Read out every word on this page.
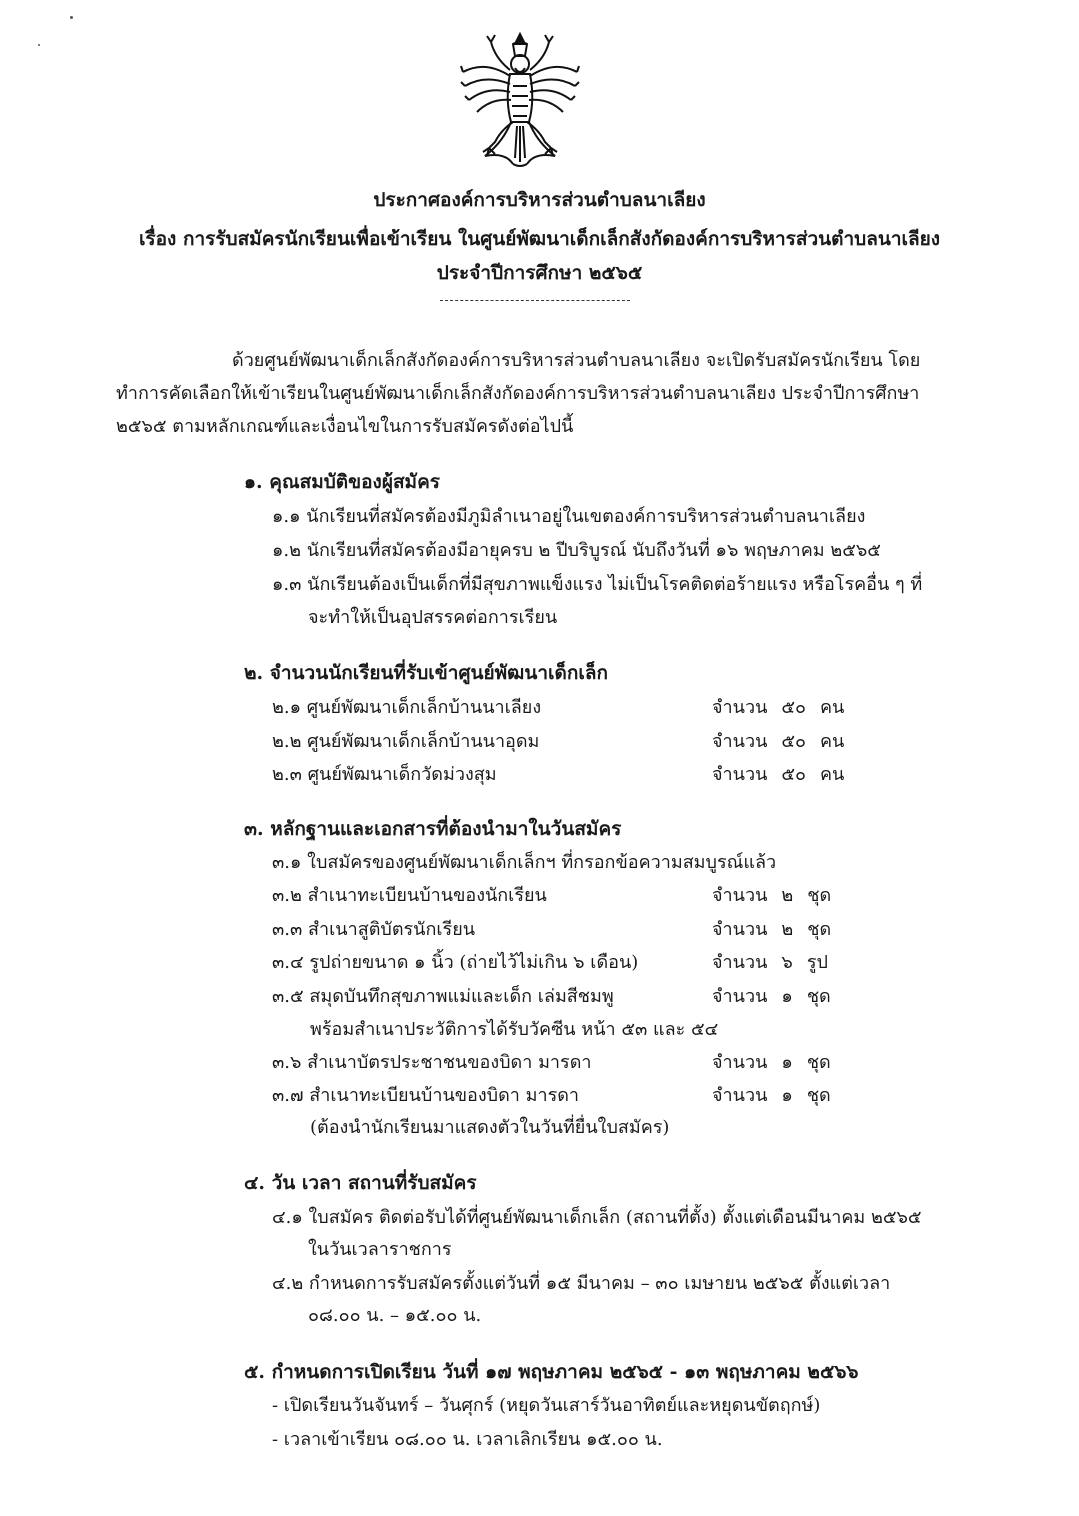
ประกาศองค์การบริหารส่วนตำบลนาเลียง
เรื่อง การรับสมัครนักเรียนเพื่อเข้าเรียน ในศูนย์พัฒนาเด็กเล็กสังกัดองค์การบริหารส่วนตำบลนาเลียง
ประจำปีการศึกษา ๒๕๖๕
ด้วยศูนย์พัฒนาเด็กเล็กสังกัดองค์การบริหารส่วนตำบลนาเลียง จะเปิดรับสมัครนักเรียน โดย
ทำการคัดเลือกให้เข้าเรียนในศูนย์พัฒนาเด็กเล็กสังกัดองค์การบริหารส่วนตำบลนาเลียง ประจำปีการศึกษา
๒๕๖๕ ตามหลักเกณฑ์และเงื่อนไขในการรับสมัครดังต่อไปนี้
๑. คุณสมบัติของผู้สมัคร
๑.๑ นักเรียนที่สมัครต้องมีภูมิลำเนาอยู่ในเขตองค์การบริหารส่วนตำบลนาเลียง
๑.๒ นักเรียนที่สมัครต้องมีอายุครบ ๒ ปีบริบูรณ์ นับถึงวันที่ ๑๖ พฤษภาคม ๒๕๖๕
๑.๓ นักเรียนต้องเป็นเด็กที่มีสุขภาพแข็งแรง ไม่เป็นโรคติดต่อร้ายแรง หรือโรคอื่น ๆ ที่
จะทำให้เป็นอุปสรรคต่อการเรียน
๒. จำนวนนักเรียนที่รับเข้าศูนย์พัฒนาเด็กเล็ก
๒.๑ ศูนย์พัฒนาเด็กเล็กบ้านนาเลียง	จำนวน ๕๐ คน
๒.๒ ศูนย์พัฒนาเด็กเล็กบ้านนาอุดม	จำนวน ๕๐ คน
๒.๓ ศูนย์พัฒนาเด็กวัดม่วงสุม	จำนวน ๕๐ คน
๓. หลักฐานและเอกสารที่ต้องนำมาในวันสมัคร
๓.๑ ใบสมัครของศูนย์พัฒนาเด็กเล็กฯ ที่กรอกข้อความสมบูรณ์แล้ว
๓.๒ สำเนาทะเบียนบ้านของนักเรียน	จำนวน ๒ ชุด
๓.๓ สำเนาสูติบัตรนักเรียน	จำนวน ๒ ชุด
๓.๔ รูปถ่ายขนาด ๑ นิ้ว (ถ่ายไว้ไม่เกิน ๖ เดือน)	จำนวน ๖ รูป
๓.๕ สมุดบันทึกสุขภาพแม่และเด็ก เล่มสีชมพู	จำนวน ๑ ชุด
พร้อมสำเนาประวัติการได้รับวัคซีน หน้า ๕๓ และ ๕๔
๓.๖ สำเนาบัตรประชาชนของบิดา มารดา	จำนวน ๑ ชุด
๓.๗ สำเนาทะเบียนบ้านของบิดา มารดา	จำนวน ๑ ชุด
(ต้องนำนักเรียนมาแสดงตัวในวันที่ยื่นใบสมัคร)
๔. วัน เวลา สถานที่รับสมัคร
๔.๑ ใบสมัคร ติดต่อรับได้ที่ศูนย์พัฒนาเด็กเล็ก (สถานที่ตั้ง) ตั้งแต่เดือนมีนาคม ๒๕๖๕
ในวันเวลาราชการ
๔.๒ กำหนดการรับสมัครตั้งแต่วันที่ ๑๕ มีนาคม – ๓๐ เมษายน ๒๕๖๕ ตั้งแต่เวลา
๐๘.๐๐ น. – ๑๕.๐๐ น.
๕. กำหนดการเปิดเรียน วันที่ ๑๗ พฤษภาคม ๒๕๖๕ - ๑๓ พฤษภาคม ๒๕๖๖
- เปิดเรียนวันจันทร์ – วันศุกร์ (หยุดวันเสาร์วันอาทิตย์และหยุดนขัตฤกษ์)
- เวลาเข้าเรียน ๐๘.๐๐ น. เวลาเลิกเรียน ๑๕.๐๐ น.
